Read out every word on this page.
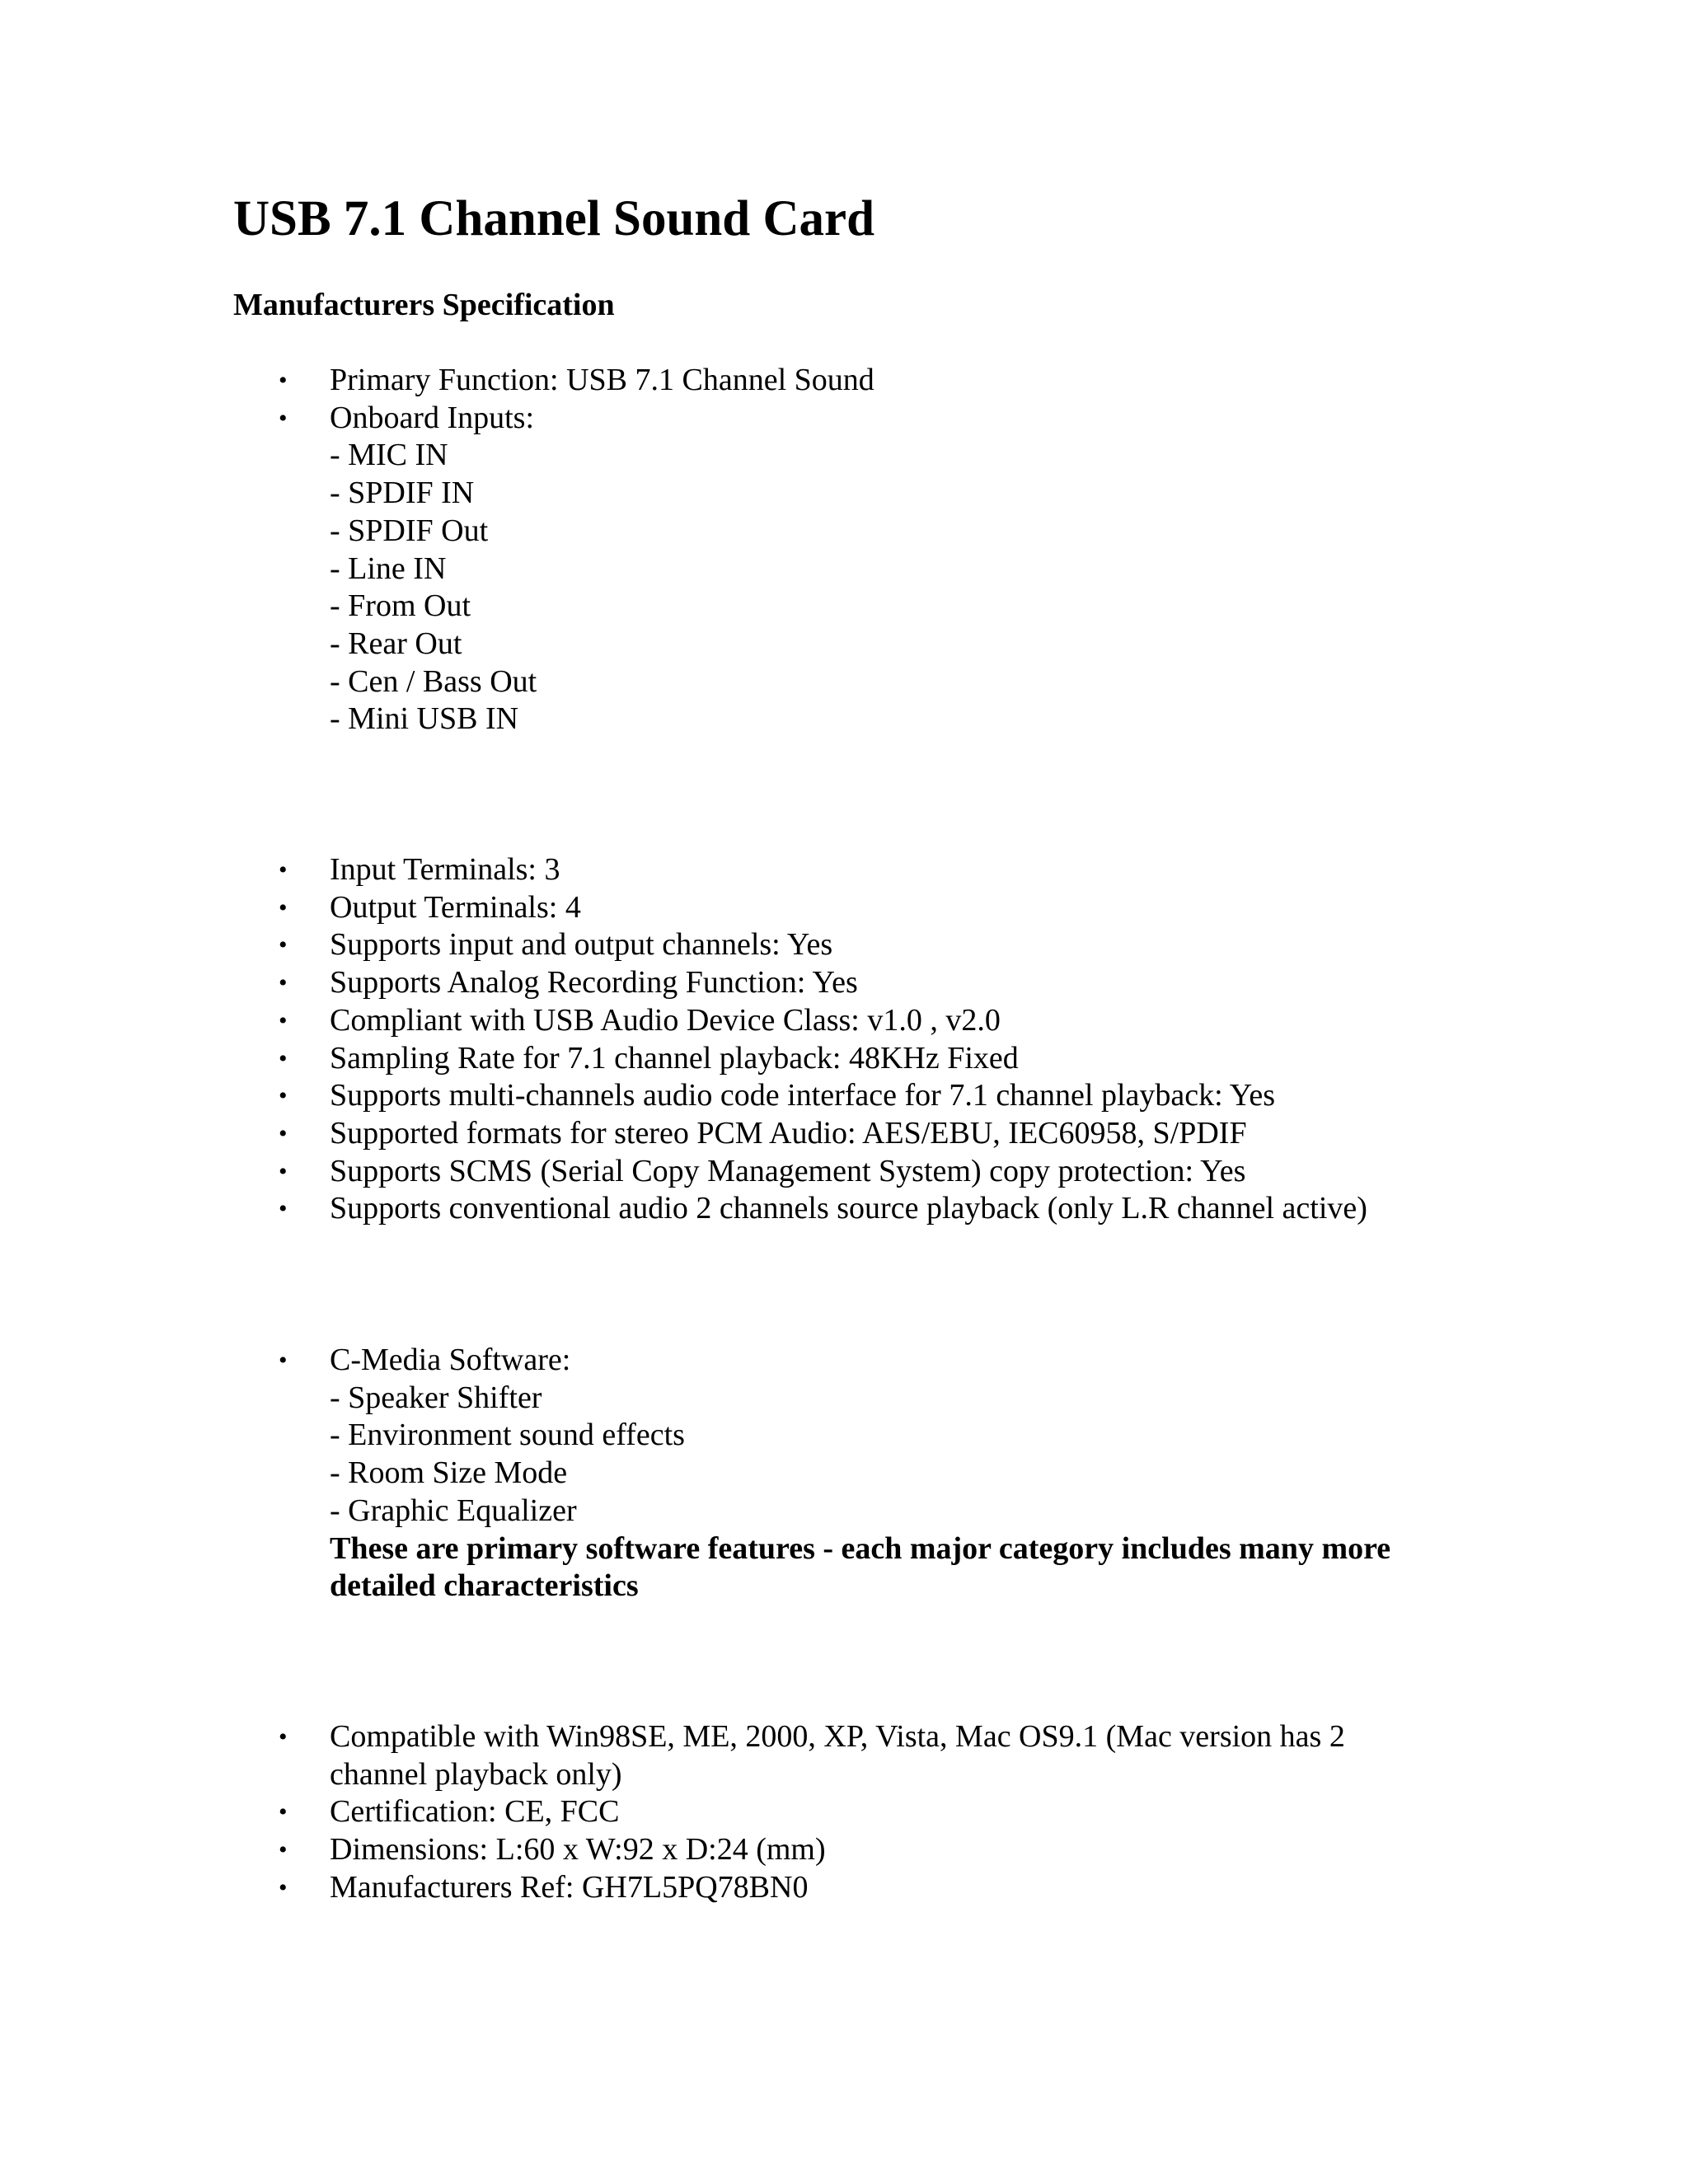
USB 7.1 Channel Sound Card
Manufacturers Specification
• Primary Function: USB 7.1 Channel Sound
• Onboard Inputs:
- MIC IN
- SPDIF IN
- SPDIF Out
- Line IN
- From Out
- Rear Out
- Cen / Bass Out
- Mini USB IN
• Input Terminals: 3
• Output Terminals: 4
• Supports input and output channels: Yes
• Supports Analog Recording Function: Yes
• Compliant with USB Audio Device Class: v1.0 , v2.0
• Sampling Rate for 7.1 channel playback: 48KHz Fixed
• Supports multi-channels audio code interface for 7.1 channel playback: Yes
• Supported formats for stereo PCM Audio: AES/EBU, IEC60958, S/PDIF
• Supports SCMS (Serial Copy Management System) copy protection: Yes
• Supports conventional audio 2 channels source playback (only L.R channel active)
• C-Media Software:
- Speaker Shifter
- Environment sound effects
- Room Size Mode
- Graphic Equalizer
These are primary software features - each major category includes many more detailed characteristics
• Compatible with Win98SE, ME, 2000, XP, Vista, Mac OS9.1 (Mac version has 2 channel playback only)
• Certification: CE, FCC
• Dimensions: L:60 x W:92 x D:24 (mm)
• Manufacturers Ref: GH7L5PQ78BN0
